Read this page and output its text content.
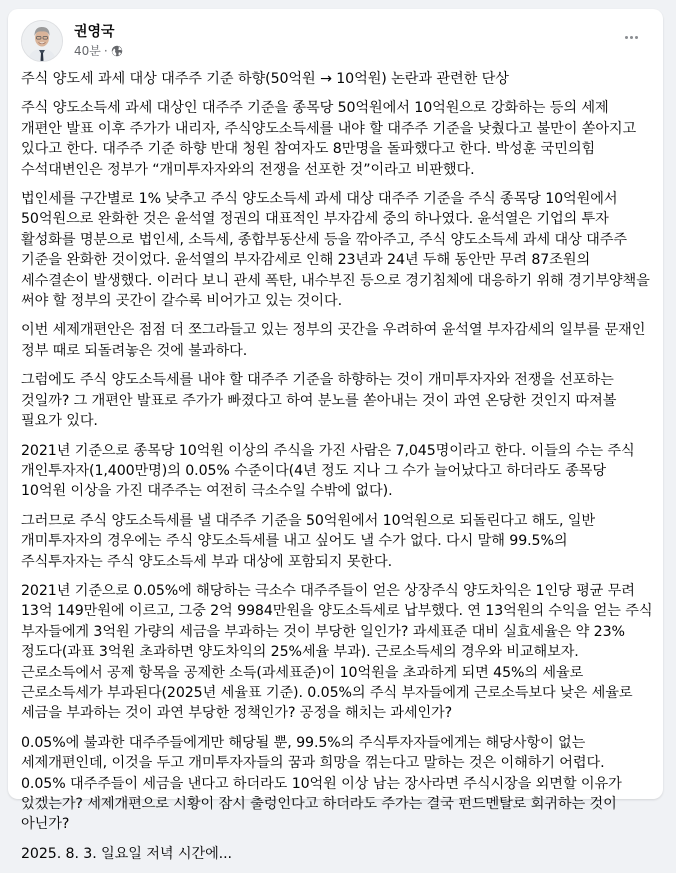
권영국
40분 ·

주식 양도세 과세 대상 대주주 기준 하향(50억원 → 10억원) 논란과 관련한 단상

주식 양도소득세 과세 대상인 대주주 기준을 종목당 50억원에서 10억원으로 강화하는 등의 세제 개편안 발표 이후 주가가 내리자, 주식양도소득세를 내야 할 대주주 기준을 낮췄다고 불만이 쏟아지고 있다고 한다. 대주주 기준 하향 반대 청원 참여자도 8만명을 돌파했다고 한다. 박성훈 국민의힘 수석대변인은 정부가 “개미투자자와의 전쟁을 선포한 것”이라고 비판했다.

법인세를 구간별로 1% 낮추고 주식 양도소득세 과세 대상 대주주 기준을 주식 종목당 10억원에서 50억원으로 완화한 것은 윤석열 정권의 대표적인 부자감세 중의 하나였다. 윤석열은 기업의 투자 활성화를 명분으로 법인세, 소득세, 종합부동산세 등을 깎아주고, 주식 양도소득세 과세 대상 대주주 기준을 완화한 것이었다. 윤석열의 부자감세로 인해 23년과 24년 두해 동안만 무려 87조원의 세수결손이 발생했다. 이러다 보니 관세 폭탄, 내수부진 등으로 경기침체에 대응하기 위해 경기부양책을 써야 할 정부의 곳간이 갈수록 비어가고 있는 것이다.

이번 세제개편안은 점점 더 쪼그라들고 있는 정부의 곳간을 우려하여 윤석열 부자감세의 일부를 문재인 정부 때로 되돌려놓은 것에 불과하다.

그럼에도 주식 양도소득세를 내야 할 대주주 기준을 하향하는 것이 개미투자자와 전쟁을 선포하는 것일까? 그 개편안 발표로 주가가 빠졌다고 하여 분노를 쏟아내는 것이 과연 온당한 것인지 따져볼 필요가 있다.

2021년 기준으로 종목당 10억원 이상의 주식을 가진 사람은 7,045명이라고 한다. 이들의 수는 주식 개인투자자(1,400만명)의 0.05% 수준이다(4년 정도 지나 그 수가 늘어났다고 하더라도 종목당 10억원 이상을 가진 대주주는 여전히 극소수일 수밖에 없다).

그러므로 주식 양도소득세를 낼 대주주 기준을 50억원에서 10억원으로 되돌린다고 해도, 일반 개미투자자의 경우에는 주식 양도소득세를 내고 싶어도 낼 수가 없다. 다시 말해 99.5%의 주식투자자는 주식 양도소득세 부과 대상에 포함되지 못한다.

2021년 기준으로 0.05%에 해당하는 극소수 대주주들이 얻은 상장주식 양도차익은 1인당 평균 무려 13억 149만원에 이르고, 그중 2억 9984만원을 양도소득세로 납부했다. 연 13억원의 수익을 얻는 주식 부자들에게 3억원 가량의 세금을 부과하는 것이 부당한 일인가? 과세표준 대비 실효세율은 약 23% 정도다(과표 3억원 초과하면 양도차익의 25%세율 부과). 근로소득세의 경우와 비교해보자. 근로소득에서 공제 항목을 공제한 소득(과세표준)이 10억원을 초과하게 되면 45%의 세율로 근로소득세가 부과된다(2025년 세율표 기준). 0.05%의 주식 부자들에게 근로소득보다 낮은 세율로 세금을 부과하는 것이 과연 부당한 정책인가? 공정을 해치는 과세인가?

0.05%에 불과한 대주주들에게만 해당될 뿐, 99.5%의 주식투자자들에게는 해당사항이 없는 세제개편인데, 이것을 두고 개미투자자들의 꿈과 희망을 꺾는다고 말하는 것은 이해하기 어렵다. 0.05% 대주주들이 세금을 낸다고 하더라도 10억원 이상 남는 장사라면 주식시장을 외면할 이유가 있겠는가? 세제개편으로 시황이 잠시 출렁인다고 하더라도 주가는 결국 펀드멘탈로 회귀하는 것이 아닌가?

2025. 8. 3. 일요일 저녁 시간에...
